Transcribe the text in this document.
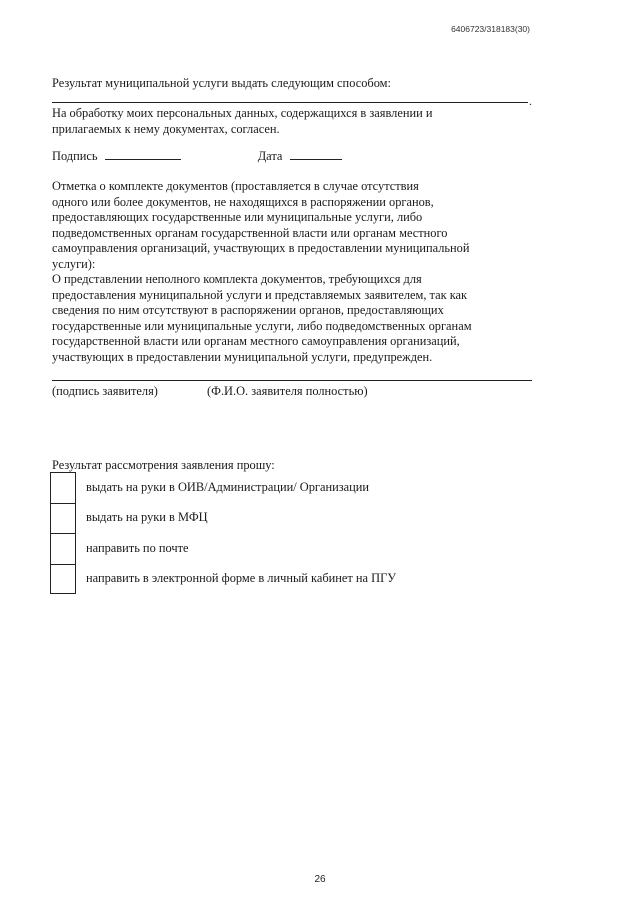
6406723/318183(30)
Результат муниципальной услуги выдать следующим способом:
.

На обработку моих персональных данных, содержащихся в заявлении и

прилагаемых к нему документах, согласен.

Подпись	Дата

Отметка о комплекте документов (проставляется в случае отсутствия

одного или более документов, не находящихся в распоряжении органов,

предоставляющих государственные или муниципальные услуги, либо

подведомственных органам государственной власти или органам местного

самоуправления организаций, участвующих в предоставлении муниципальной

услуги):

О представлении неполного комплекта документов, требующихся для

предоставления муниципальной услуги и представляемых заявителем, так как

сведения по ним отсутствуют в распоряжении органов, предоставляющих

государственные или муниципальные услуги, либо подведомственных органам

государственной власти или органам местного самоуправления организаций,

участвующих в предоставлении муниципальной услуги, предупрежден.

(подпись заявителя)	(Ф.И.О. заявителя полностью)
Результат рассмотрения заявления прошу:
выдать на руки в ОИВ/Администрации/ Организации
выдать на руки в МФЦ
направить по почте
направить в электронной форме в личный кабинет на ПГУ
26
